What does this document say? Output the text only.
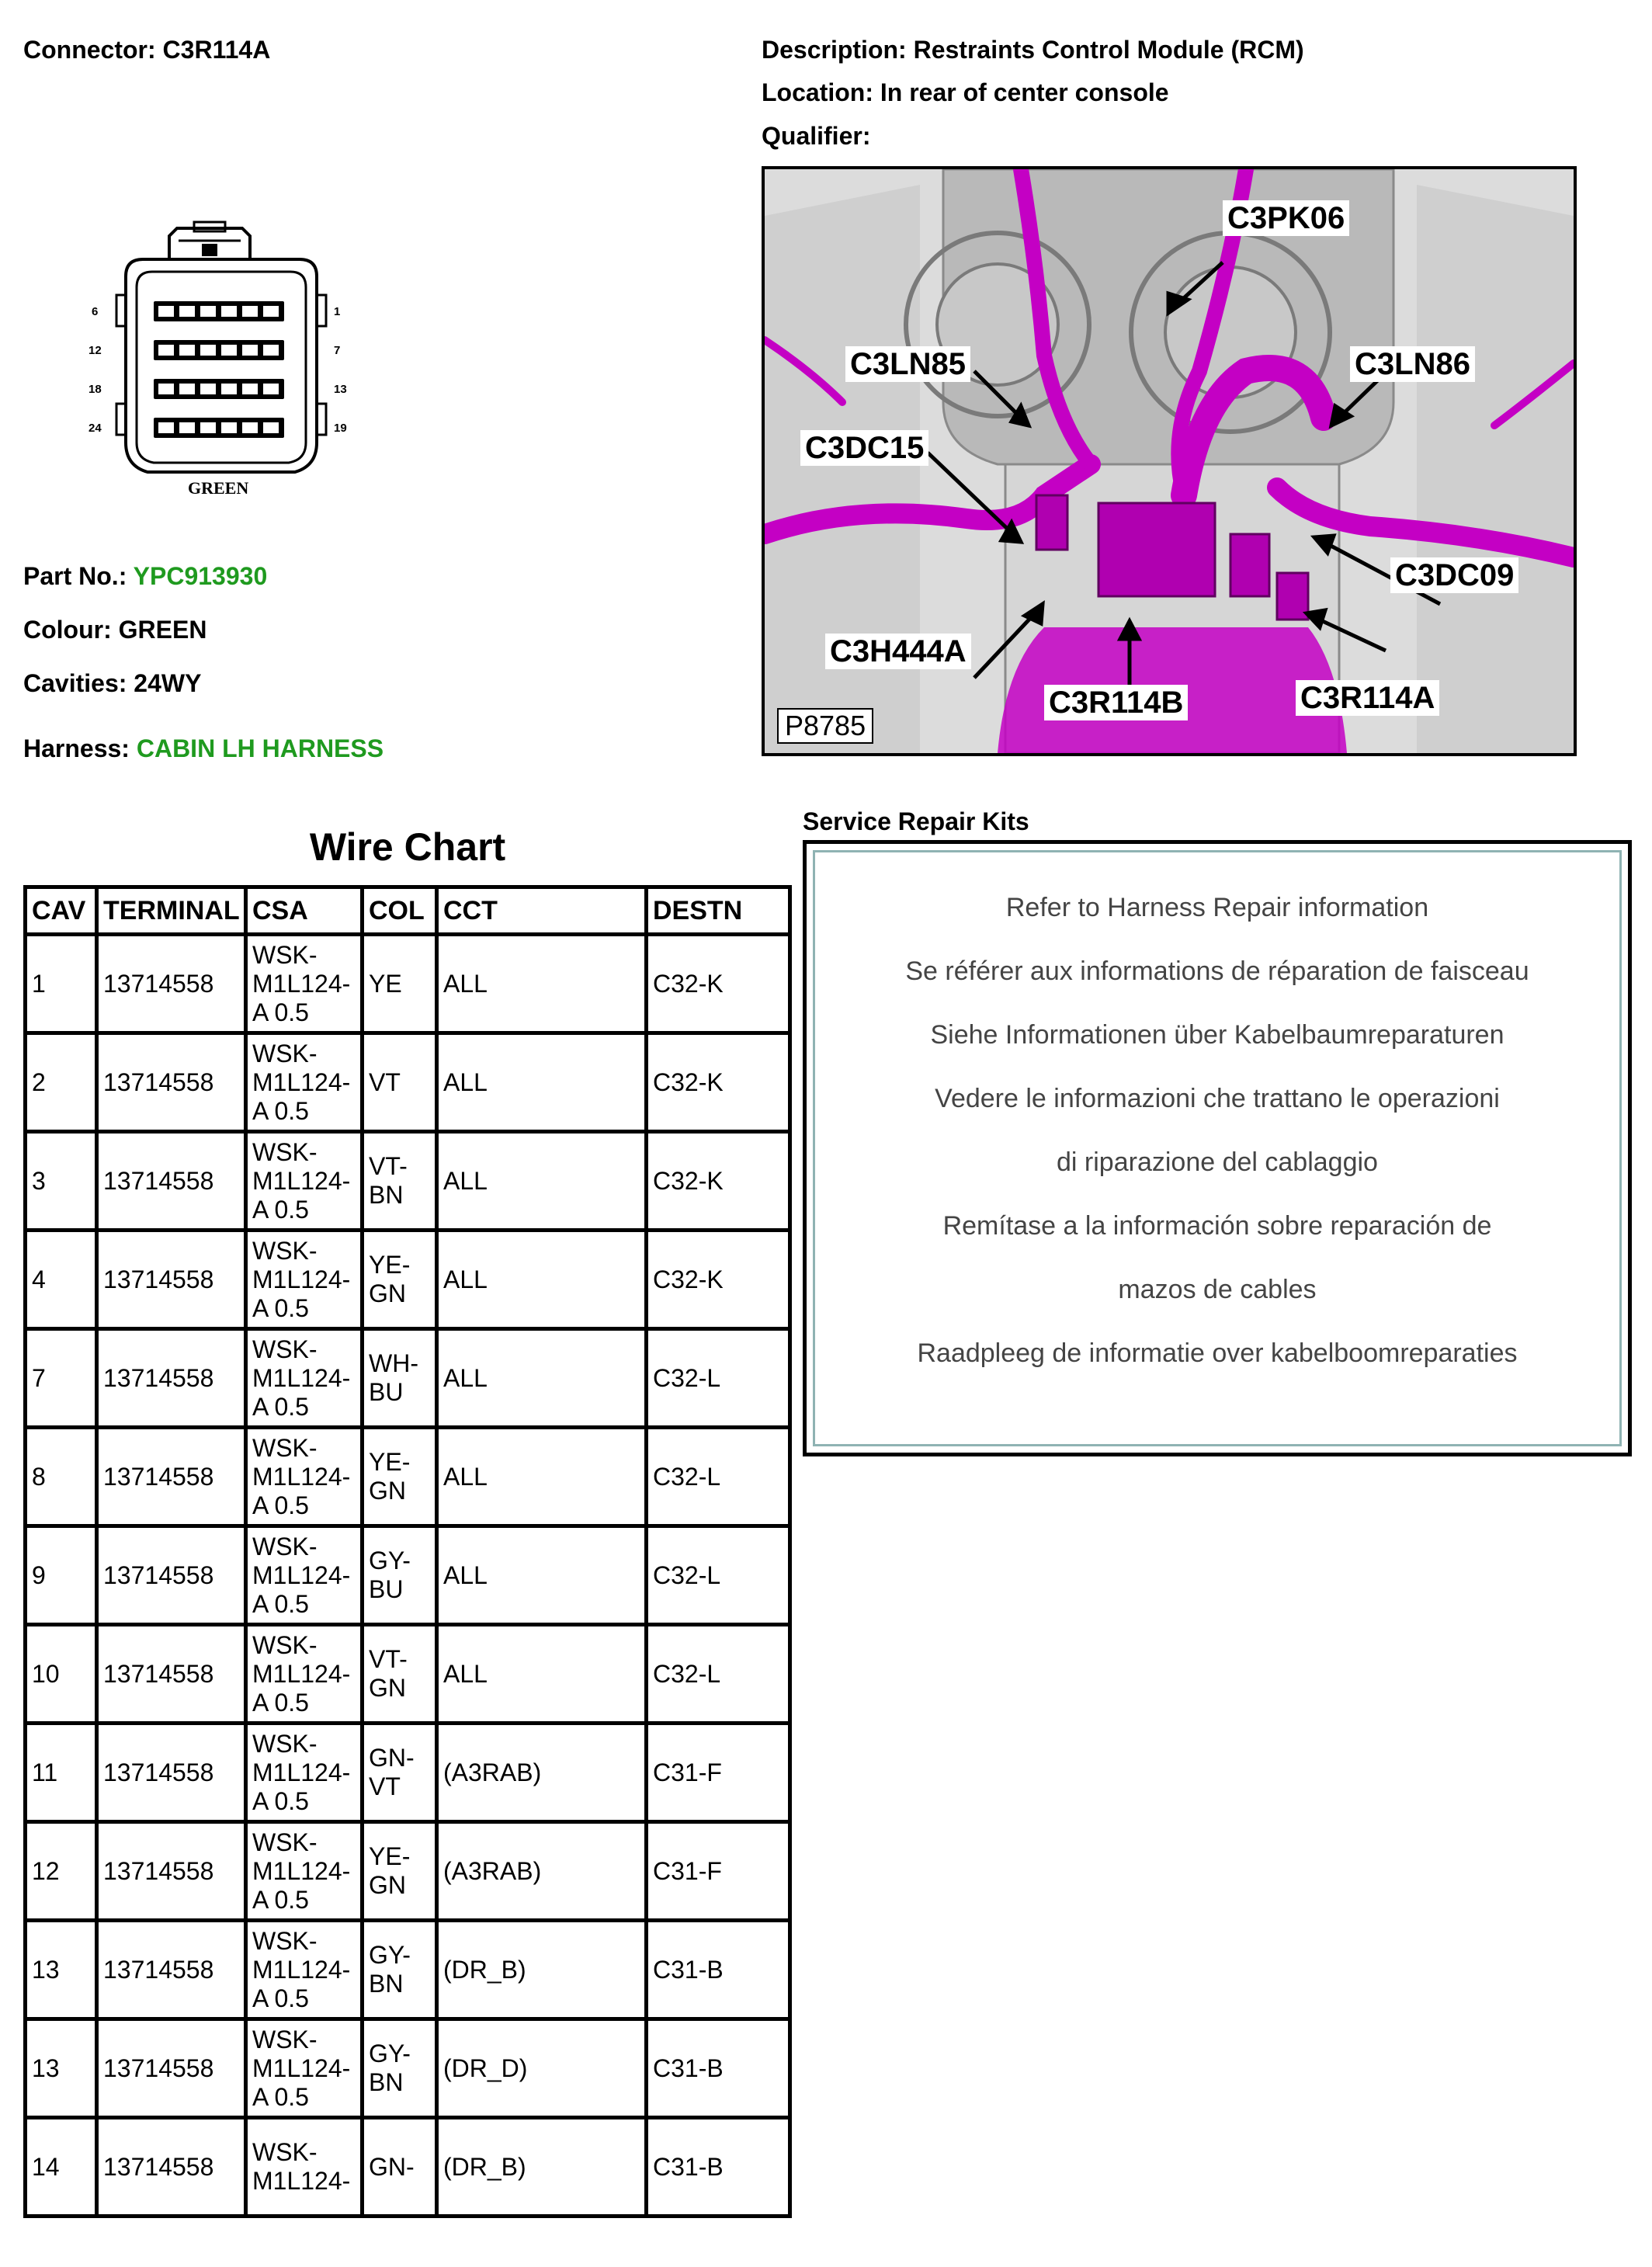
Connector: C3R114A	Description: Restraints Control Module (RCM)
Location: In rear of center console
Qualifier:
6	1
12	7
18	13
24	19
GREEN
Part No.: YPC913930
Colour: GREEN
Cavities: 24WY
Harness: CABIN LH HARNESS
C3PK06
C3LN85	C3LN86
C3DC15
C3DC09
C3H444A
C3R114B	C3R114A
P8785
Wire Chart
CAV	TERMINAL	CSA	COL	CCT	DESTN
1	13714558	WSK-M1L124-A 0.5	YE	ALL	C32-K
2	13714558	WSK-M1L124-A 0.5	VT	ALL	C32-K
3	13714558	WSK-M1L124-A 0.5	VT-BN	ALL	C32-K
4	13714558	WSK-M1L124-A 0.5	YE-GN	ALL	C32-K
7	13714558	WSK-M1L124-A 0.5	WH-BU	ALL	C32-L
8	13714558	WSK-M1L124-A 0.5	YE-GN	ALL	C32-L
9	13714558	WSK-M1L124-A 0.5	GY-BU	ALL	C32-L
10	13714558	WSK-M1L124-A 0.5	VT-GN	ALL	C32-L
11	13714558	WSK-M1L124-A 0.5	GN-VT	(A3RAB)	C31-F
12	13714558	WSK-M1L124-A 0.5	YE-GN	(A3RAB)	C31-F
13	13714558	WSK-M1L124-A 0.5	GY-BN	(DR_B)	C31-B
13	13714558	WSK-M1L124-A 0.5	GY-BN	(DR_D)	C31-B
14	13714558	WSK-M1L124-	GN-	(DR_B)	C31-B
Service Repair Kits
Refer to Harness Repair information
Se référer aux informations de réparation de faisceau
Siehe Informationen über Kabelbaumreparaturen
Vedere le informazioni che trattano le operazioni
di riparazione del cablaggio
Remítase a la información sobre reparación de
mazos de cables
Raadpleeg de informatie over kabelboomreparaties
